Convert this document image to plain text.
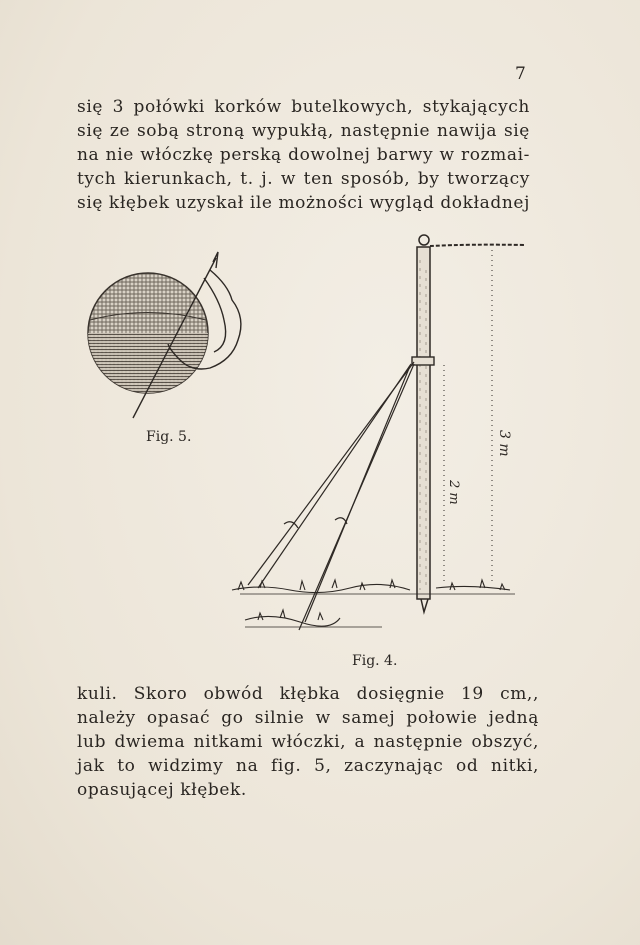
7
się 3 połówki korków butelkowych, stykających
się ze sobą stroną wypukłą, następnie nawija się
na nie włóczkę perską dowolnej barwy w rozmai-
tych kierunkach, t. j. w ten sposób, by tworzący
się kłębek uzyskał ile możności wygląd dokładnej
Fig. 5.
2 m
3 m
Fig. 4.
kuli. Skoro obwód kłębka dosięgnie 19 cm,,
należy opasać go silnie w samej połowie jedną
lub dwiema nitkami włóczki, a następnie obszyć,
jak to widzimy na fig. 5, zaczynając od nitki,
opasującej kłębek.
